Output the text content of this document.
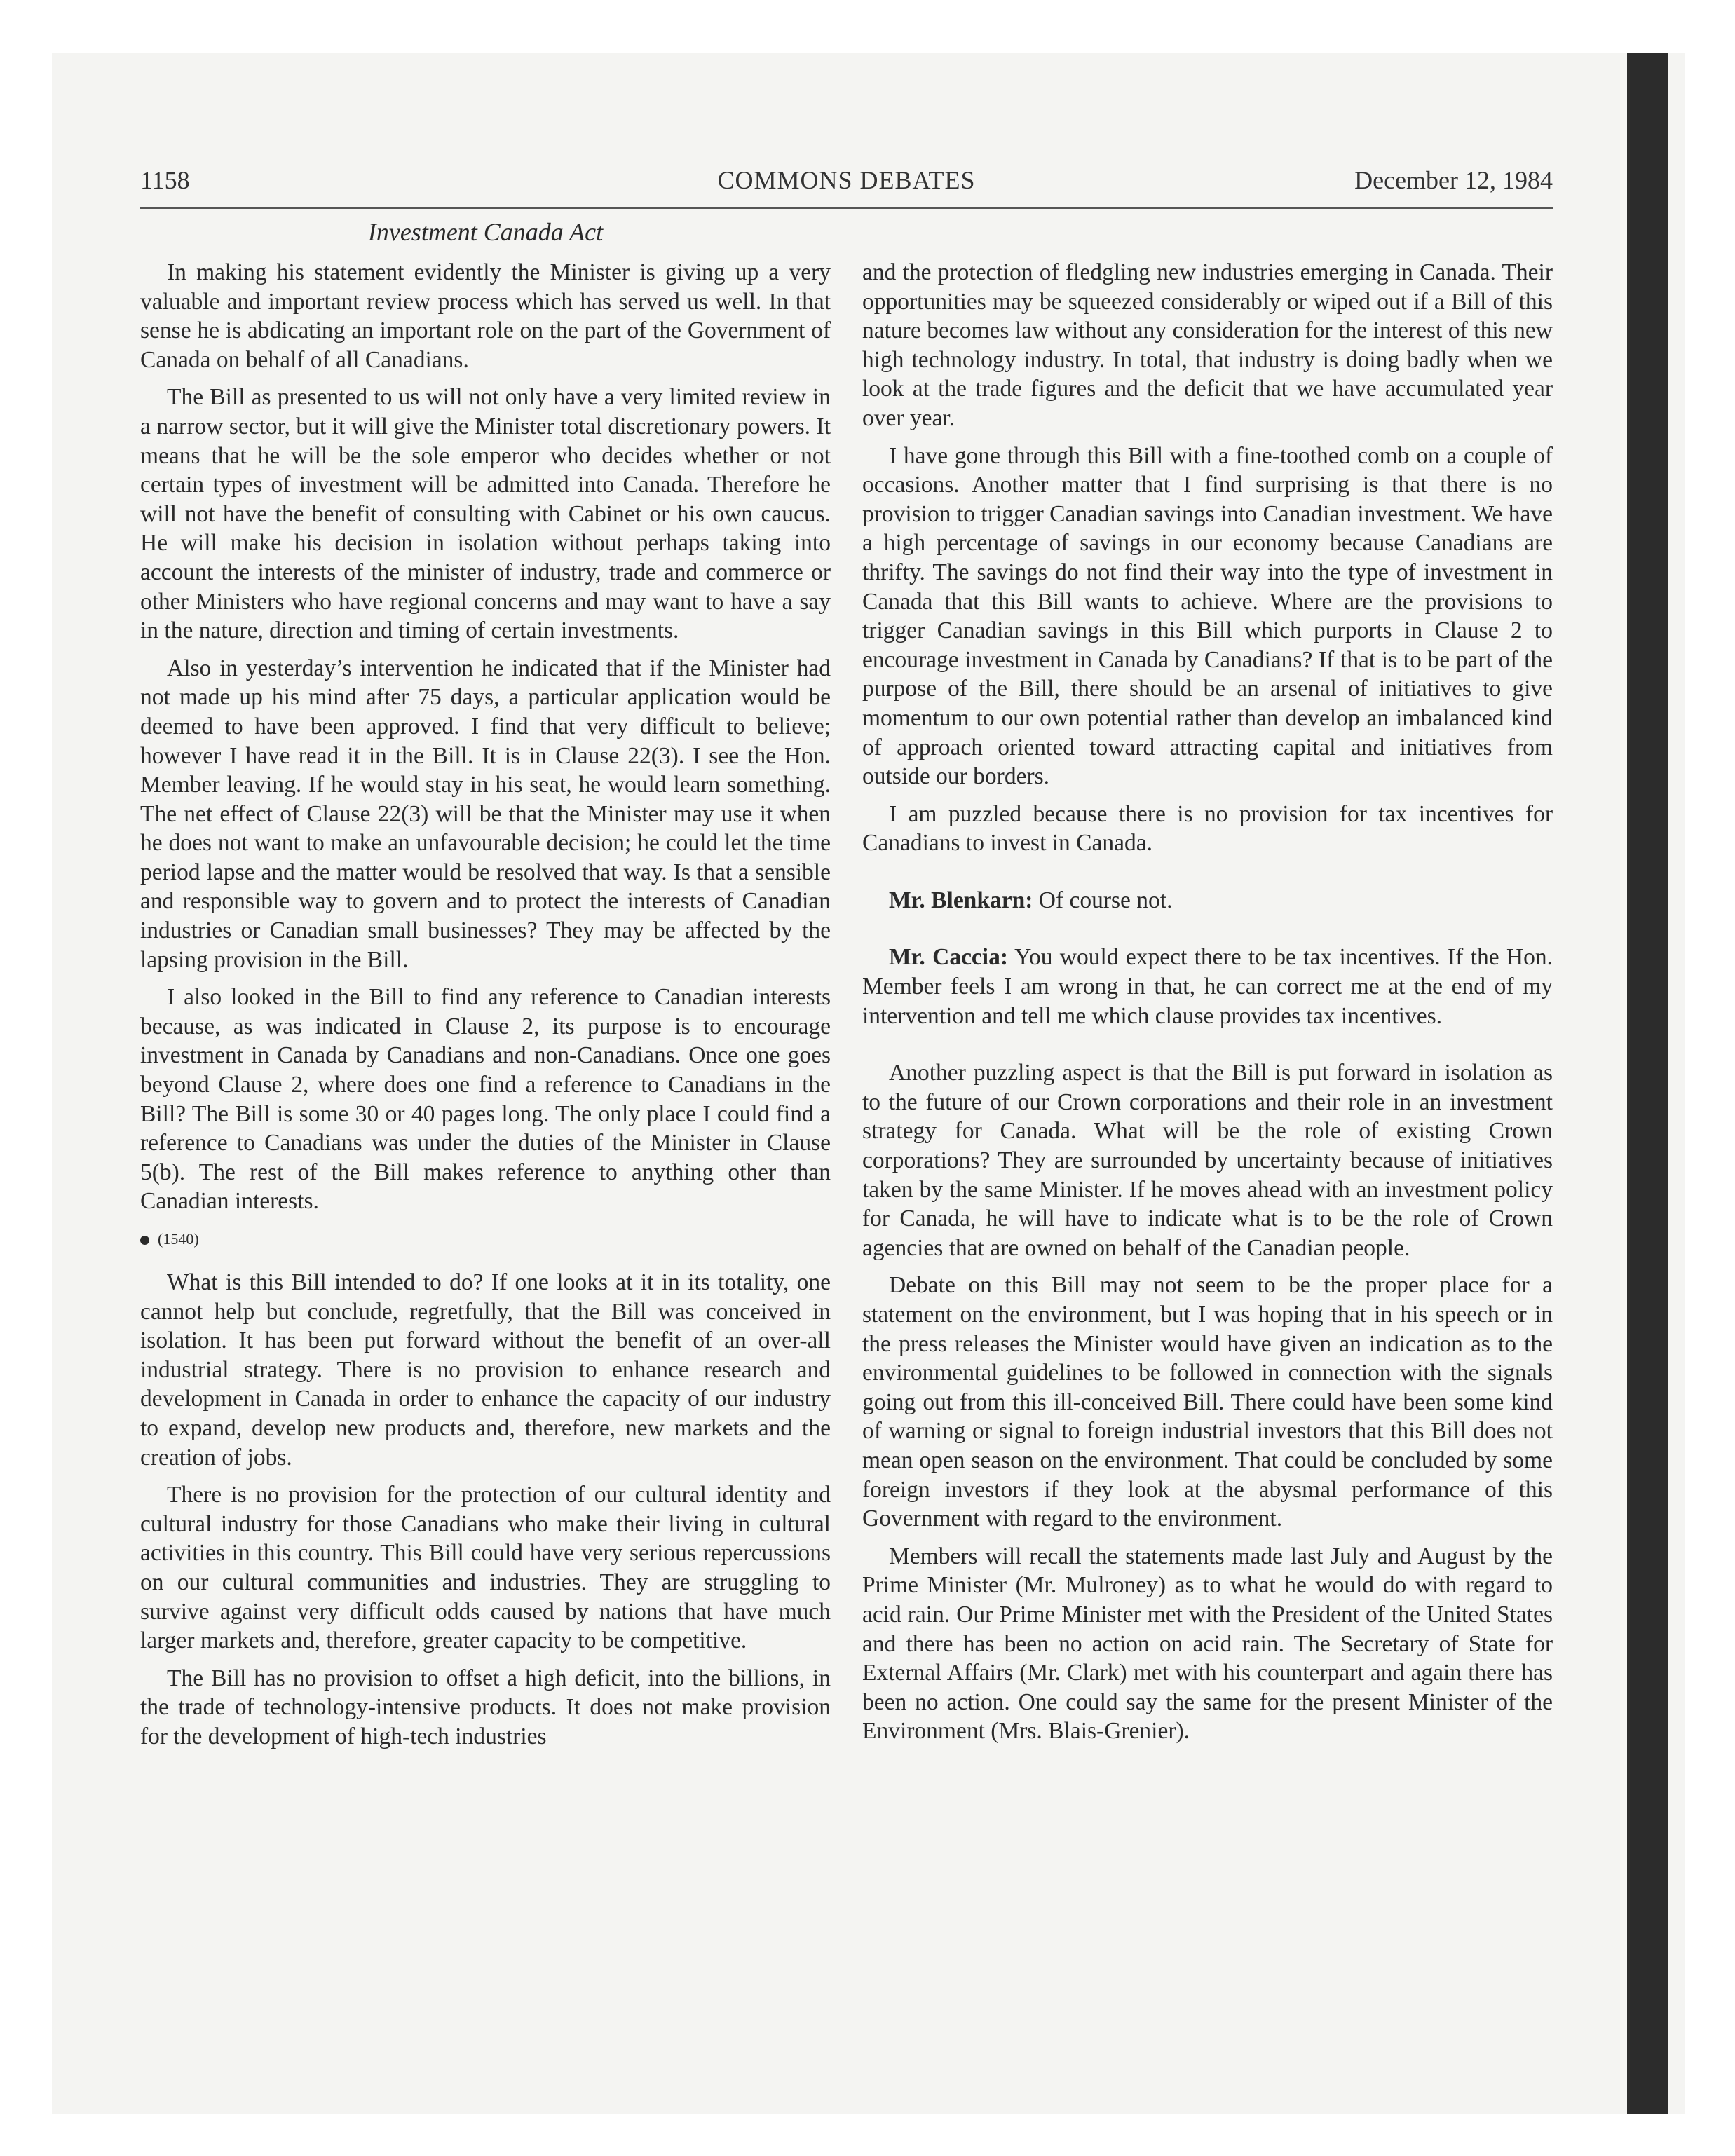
1158	COMMONS DEBATES	December 12, 1984
Investment Canada Act

In making his statement evidently the Minister is giving up a very valuable and important review process which has served us well. In that sense he is abdicating an important role on the part of the Government of Canada on behalf of all Canadians.

The Bill as presented to us will not only have a very limited review in a narrow sector, but it will give the Minister total discretionary powers. It means that he will be the sole emperor who decides whether or not certain types of investment will be admitted into Canada. Therefore he will not have the benefit of consulting with Cabinet or his own caucus. He will make his decision in isolation without perhaps taking into account the interests of the minister of industry, trade and commerce or other Ministers who have regional concerns and may want to have a say in the nature, direction and timing of certain investments.

Also in yesterday’s intervention he indicated that if the Minister had not made up his mind after 75 days, a particular application would be deemed to have been approved. I find that very difficult to believe; however I have read it in the Bill. It is in Clause 22(3). I see the Hon. Member leaving. If he would stay in his seat, he would learn something. The net effect of Clause 22(3) will be that the Minister may use it when he does not want to make an unfavourable decision; he could let the time period lapse and the matter would be resolved that way. Is that a sensible and responsible way to govern and to protect the interests of Canadian industries or Canadian small businesses? They may be affected by the lapsing provision in the Bill.

I also looked in the Bill to find any reference to Canadian interests because, as was indicated in Clause 2, its purpose is to encourage investment in Canada by Canadians and non-Canadians. Once one goes beyond Clause 2, where does one find a reference to Canadians in the Bill? The Bill is some 30 or 40 pages long. The only place I could find a reference to Canadians was under the duties of the Minister in Clause 5(b). The rest of the Bill makes reference to anything other than Canadian interests.

(1540)

What is this Bill intended to do? If one looks at it in its totality, one cannot help but conclude, regretfully, that the Bill was conceived in isolation. It has been put forward without the benefit of an over-all industrial strategy. There is no provision to enhance research and development in Canada in order to enhance the capacity of our industry to expand, develop new products and, therefore, new markets and the creation of jobs.

There is no provision for the protection of our cultural identity and cultural industry for those Canadians who make their living in cultural activities in this country. This Bill could have very serious repercussions on our cultural communities and industries. They are struggling to survive against very difficult odds caused by nations that have much larger markets and, therefore, greater capacity to be competitive.

The Bill has no provision to offset a high deficit, into the billions, in the trade of technology-intensive products. It does not make provision for the development of high-tech industries

and the protection of fledgling new industries emerging in Canada. Their opportunities may be squeezed considerably or wiped out if a Bill of this nature becomes law without any consideration for the interest of this new high technology industry. In total, that industry is doing badly when we look at the trade figures and the deficit that we have accumulated year over year.

I have gone through this Bill with a fine-toothed comb on a couple of occasions. Another matter that I find surprising is that there is no provision to trigger Canadian savings into Canadian investment. We have a high percentage of savings in our economy because Canadians are thrifty. The savings do not find their way into the type of investment in Canada that this Bill wants to achieve. Where are the provisions to trigger Canadian savings in this Bill which purports in Clause 2 to encourage investment in Canada by Canadians? If that is to be part of the purpose of the Bill, there should be an arsenal of initiatives to give momentum to our own potential rather than develop an imbalanced kind of approach oriented toward attracting capital and initiatives from outside our borders.

I am puzzled because there is no provision for tax incentives for Canadians to invest in Canada.

Mr. Blenkarn: Of course not.

Mr. Caccia: You would expect there to be tax incentives. If the Hon. Member feels I am wrong in that, he can correct me at the end of my intervention and tell me which clause provides tax incentives.

Another puzzling aspect is that the Bill is put forward in isolation as to the future of our Crown corporations and their role in an investment strategy for Canada. What will be the role of existing Crown corporations? They are surrounded by uncertainty because of initiatives taken by the same Minister. If he moves ahead with an investment policy for Canada, he will have to indicate what is to be the role of Crown agencies that are owned on behalf of the Canadian people.

Debate on this Bill may not seem to be the proper place for a statement on the environment, but I was hoping that in his speech or in the press releases the Minister would have given an indication as to the environmental guidelines to be followed in connection with the signals going out from this ill-conceived Bill. There could have been some kind of warning or signal to foreign industrial investors that this Bill does not mean open season on the environment. That could be concluded by some foreign investors if they look at the abysmal performance of this Government with regard to the environment.

Members will recall the statements made last July and August by the Prime Minister (Mr. Mulroney) as to what he would do with regard to acid rain. Our Prime Minister met with the President of the United States and there has been no action on acid rain. The Secretary of State for External Affairs (Mr. Clark) met with his counterpart and again there has been no action. One could say the same for the present Minister of the Environment (Mrs. Blais-Grenier).
